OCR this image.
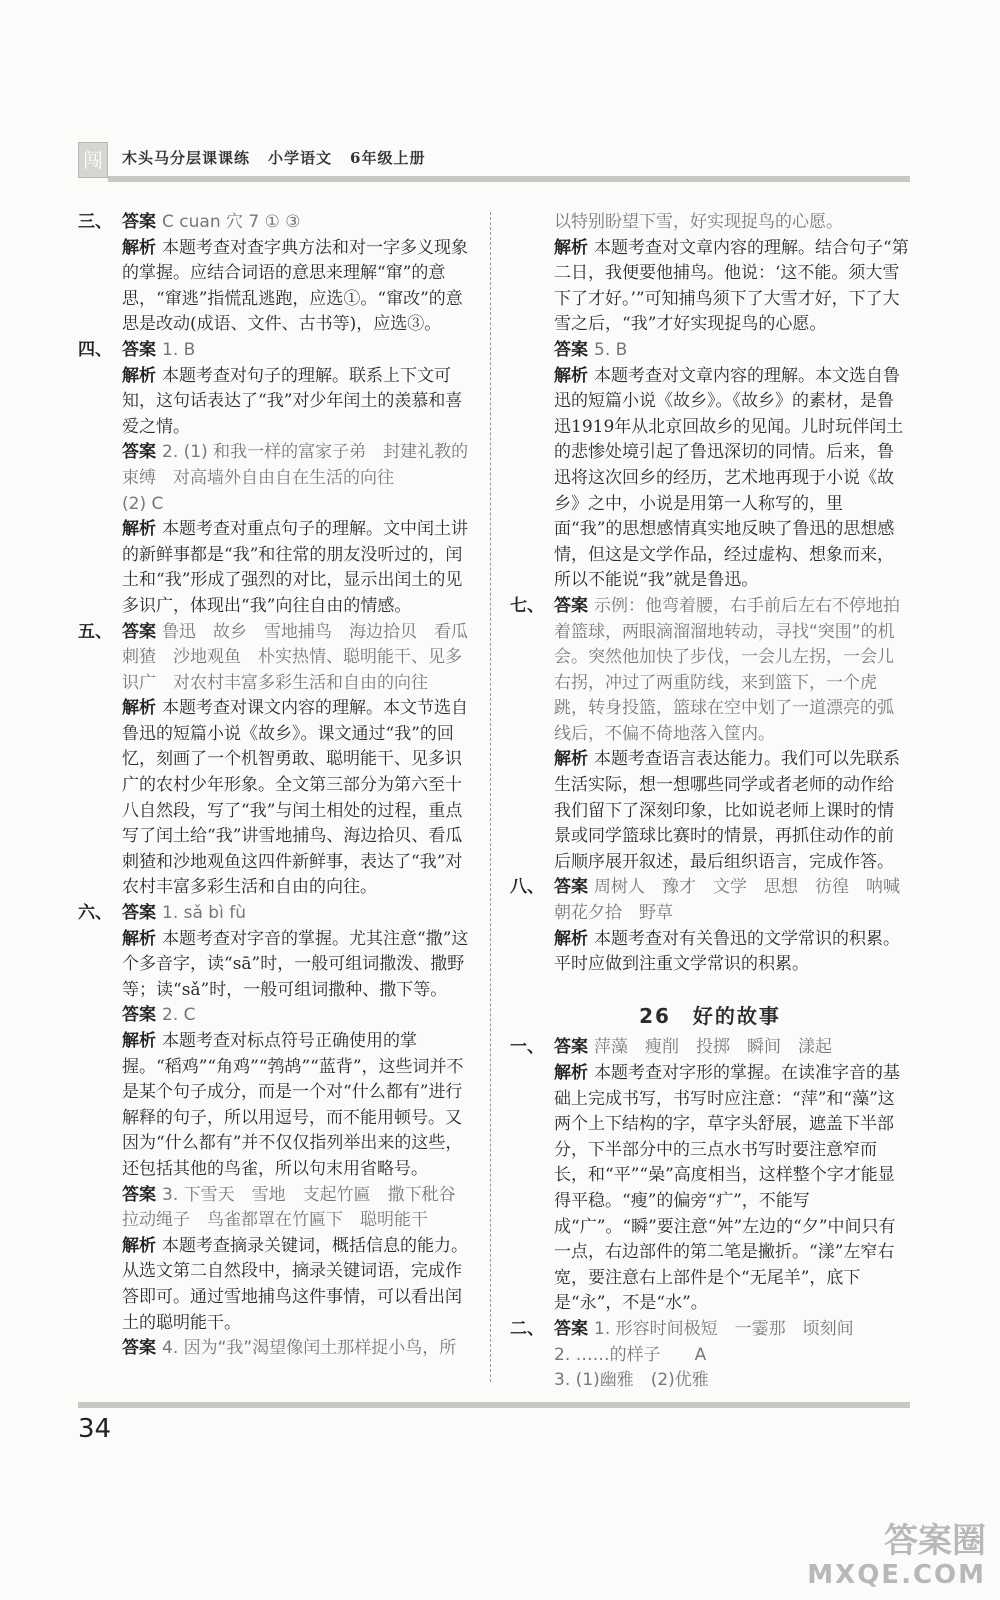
闯	木头马分层课课练 小学语文 6年级上册
三、 答案 C cuan 穴 7 ① ③
解析 本题考查对查字典方法和对一字多义现象的掌握。应结合词语的意思来理解“窜”的意思，“窜逃”指慌乱逃跑，应选①。“窜改”的意思是改动(成语、文件、古书等)，应选③。
四、 答案 1. B
解析 本题考查对句子的理解。联系上下文可知，这句话表达了“我”对少年闰土的羡慕和喜爱之情。
答案 2. (1) 和我一样的富家子弟　封建礼教的束缚　对高墙外自由自在生活的向往
(2) C
解析 本题考查对重点句子的理解。文中闰土讲的新鲜事都是“我”和往常的朋友没听过的，闰土和“我”形成了强烈的对比，显示出闰土的见多识广，体现出“我”向往自由的情感。
五、 答案 鲁迅　故乡　雪地捕鸟　海边拾贝　看瓜刺猹　沙地观鱼　朴实热情、聪明能干、见多识广　对农村丰富多彩生活和自由的向往
解析 本题考查对课文内容的理解。本文节选自鲁迅的短篇小说《故乡》。课文通过“我”的回忆，刻画了一个机智勇敢、聪明能干、见多识广的农村少年形象。全文第三部分为第六至十八自然段，写了“我”与闰土相处的过程，重点写了闰土给“我”讲雪地捕鸟、海边拾贝、看瓜刺猹和沙地观鱼这四件新鲜事，表达了“我”对农村丰富多彩生活和自由的向往。
六、 答案 1. sǎ bì fù
解析 本题考查对字音的掌握。尤其注意“撒”这个多音字，读“sā”时，一般可组词撒泼、撒野等；读“sǎ”时，一般可组词撒种、撒下等。
答案 2. C
解析 本题考查对标点符号正确使用的掌握。“稻鸡”“角鸡”“鹁鸪”“蓝背”，这些词并不是某个句子成分，而是一个对“什么都有”进行解释的句子，所以用逗号，而不能用顿号。又因为“什么都有”并不仅仅指列举出来的这些，还包括其他的鸟雀，所以句末用省略号。
答案 3. 下雪天　雪地　支起竹匾　撒下秕谷　拉动绳子　鸟雀都罩在竹匾下　聪明能干
解析 本题考查摘录关键词，概括信息的能力。从选文第二自然段中，摘录关键词语，完成作答即可。通过雪地捕鸟这件事情，可以看出闰土的聪明能干。
答案 4. 因为“我”渴望像闰土那样捉小鸟，所
以特别盼望下雪，好实现捉鸟的心愿。
解析 本题考查对文章内容的理解。结合句子“第二日，我便要他捕鸟。他说：‘这不能。须大雪下了才好。’”可知捕鸟须下了大雪才好，下了大雪之后，“我”才好实现捉鸟的心愿。
答案 5. B
解析 本题考查对文章内容的理解。本文选自鲁迅的短篇小说《故乡》。《故乡》的素材，是鲁迅1919年从北京回故乡的见闻。儿时玩伴闰土的悲惨处境引起了鲁迅深切的同情。后来，鲁迅将这次回乡的经历，艺术地再现于小说《故乡》之中，小说是用第一人称写的，里面“我”的思想感情真实地反映了鲁迅的思想感情，但这是文学作品，经过虚构、想象而来，所以不能说“我”就是鲁迅。
七、 答案 示例：他弯着腰，右手前后左右不停地拍着篮球，两眼滴溜溜地转动，寻找“突围”的机会。突然他加快了步伐，一会儿左拐，一会儿右拐，冲过了两重防线，来到篮下，一个虎跳，转身投篮，篮球在空中划了一道漂亮的弧线后，不偏不倚地落入筐内。
解析 本题考查语言表达能力。我们可以先联系生活实际，想一想哪些同学或者老师的动作给我们留下了深刻印象，比如说老师上课时的情景或同学篮球比赛时的情景，再抓住动作的前后顺序展开叙述，最后组织语言，完成作答。
八、 答案 周树人　豫才　文学　思想　彷徨　呐喊　朝花夕拾　野草
解析 本题考查对有关鲁迅的文学常识的积累。平时应做到注重文学常识的积累。
26　好的故事
一、 答案 萍藻　瘦削　投掷　瞬间　漾起
解析 本题考查对字形的掌握。在读准字音的基础上完成书写，书写时应注意：“萍”和“藻”这两个上下结构的字，草字头舒展，遮盖下半部分，下半部分中的三点水书写时要注意窄而长，和“平”“喿”高度相当，这样整个字才能显得平稳。“瘦”的偏旁“疒”，不能写成“广”。“瞬”要注意“舛”左边的“夕”中间只有一点，右边部件的第二笔是撇折。“漾”左窄右宽，要注意右上部件是个“无尾羊”，底下是“永”，不是“水”。
二、 答案 1. 形容时间极短　一霎那　顷刻间
2. ……的样子　　A
3. (1)幽雅　(2)优雅
34
答案圈
MXQE.COM
